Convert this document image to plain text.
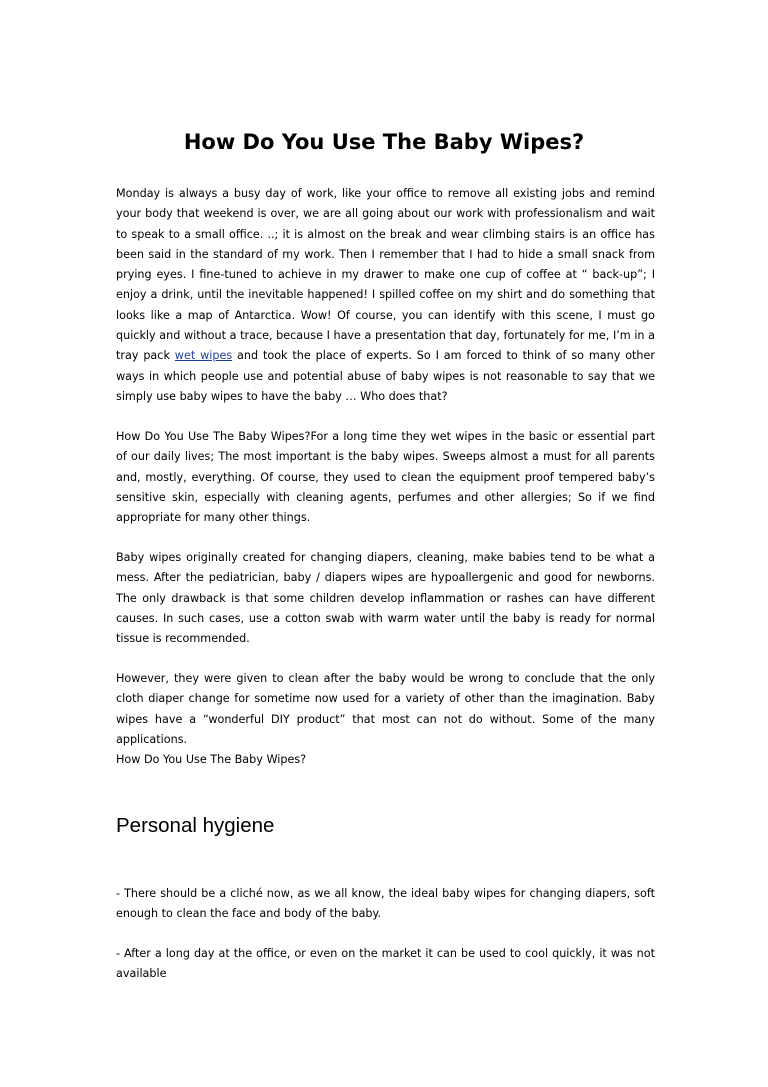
How Do You Use The Baby Wipes?

Monday is always a busy day of work, like your office to remove all existing jobs and remind your body that weekend is over, we are all going about our work with professionalism and wait to speak to a small office. ..; it is almost on the break and wear climbing stairs is an office has been said in the standard of my work. Then I remember that I had to hide a small snack from prying eyes. I fine-tuned to achieve in my drawer to make one cup of coffee at “ back-up”; I enjoy a drink, until the inevitable happened! I spilled coffee on my shirt and do something that looks like a map of Antarctica. Wow! Of course, you can identify with this scene, I must go quickly and without a trace, because I have a presentation that day, fortunately for me, I’m in a tray pack wet wipes and took the place of experts. So I am forced to think of so many other ways in which people use and potential abuse of baby wipes is not reasonable to say that we simply use baby wipes to have the baby … Who does that?

How Do You Use The Baby Wipes?For a long time they wet wipes in the basic or essential part of our daily lives; The most important is the baby wipes. Sweeps almost a must for all parents and, mostly, everything. Of course, they used to clean the equipment proof tempered baby’s sensitive skin, especially with cleaning agents, perfumes and other allergies; So if we find appropriate for many other things.

Baby wipes originally created for changing diapers, cleaning, make babies tend to be what a mess. After the pediatrician, baby / diapers wipes are hypoallergenic and good for newborns. The only drawback is that some children develop inflammation or rashes can have different causes. In such cases, use a cotton swab with warm water until the baby is ready for normal tissue is recommended.

However, they were given to clean after the baby would be wrong to conclude that the only cloth diaper change for sometime now used for a variety of other than the imagination. Baby wipes have a “wonderful DIY product” that most can not do without. Some of the many applications.

How Do You Use The Baby Wipes?

Personal hygiene

- There should be a cliché now, as we all know, the ideal baby wipes for changing diapers, soft enough to clean the face and body of the baby.

- After a long day at the office, or even on the market it can be used to cool quickly, it was not available
